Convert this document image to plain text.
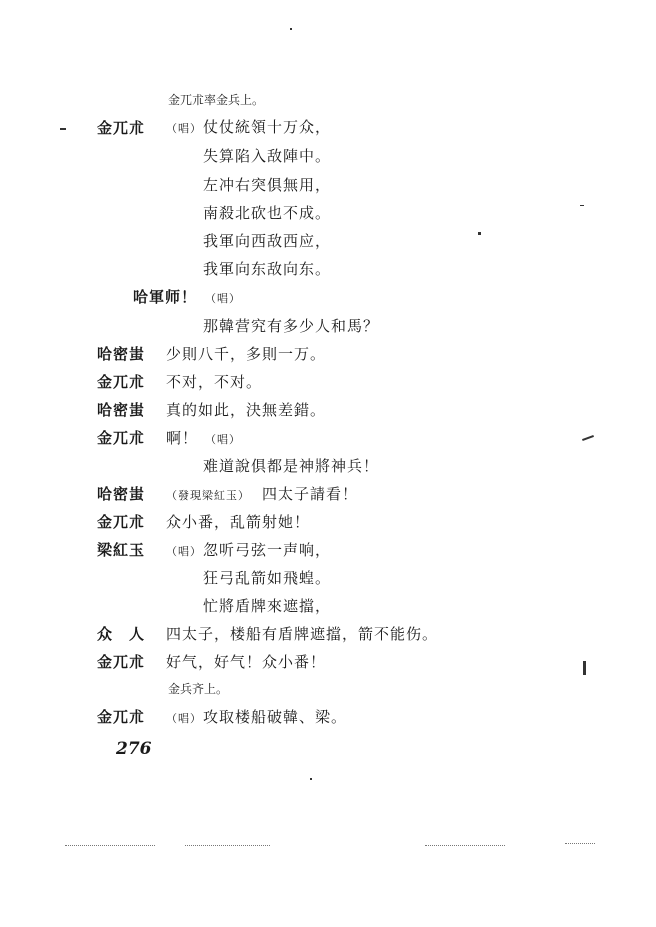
金兀朮率金兵上。
金兀朮 （唱） 仗仗統領十万众，
失算陷入敌陣中。
左冲右突俱無用，
南殺北砍也不成。
我軍向西敌西应，
我軍向东敌向东。
哈軍师！ （唱）
那韓营究有多少人和馬？
哈密蚩 少則八千，多則一万。
金兀朮 不对，不对。
哈密蚩 真的如此，決無差錯。
金兀朮 啊！ （唱）
难道說俱都是神將神兵！
哈密蚩 （發現梁紅玉） 四太子請看！
金兀朮 众小番，乱箭射她！
梁紅玉 （唱） 忽听弓弦一声响，
狂弓乱箭如飛蝗。
忙將盾牌來遮擋，
众　人 四太子，楼船有盾牌遮擋，箭不能伤。
金兀朮 好气，好气！众小番！
金兵齐上。
金兀朮 （唱） 攻取楼船破韓、梁。
276
